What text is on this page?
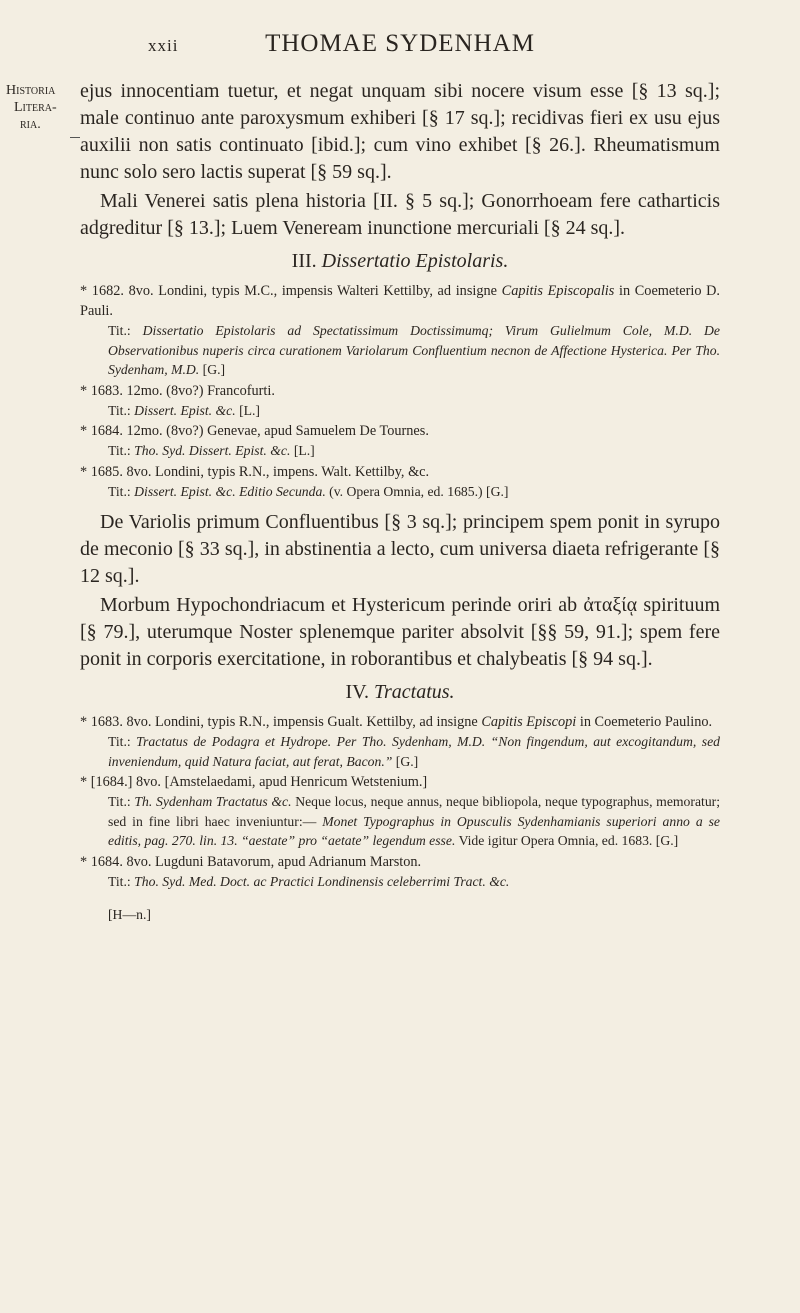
xxii	THOMAE SYDENHAM
Historia
Litera-
ria.

ejus innocentiam tuetur, et negat unquam sibi nocere visum esse [§ 13 sq.]; male continuo ante paroxysmum exhiberi [§ 17 sq.]; recidivas fieri ex usu ejus auxilii non satis continuato [ibid.]; cum vino exhibet [§ 26.]. Rheumatismum nunc solo sero lactis superat [§ 59 sq.].

Mali Venerei satis plena historia [II. § 5 sq.]; Gonorrhoeam fere catharticis adgreditur [§ 13.]; Luem Veneream inunctione mercuriali [§ 24 sq.].

III. Dissertatio Epistolaris.

* 1682. 8vo. Londini, typis M.C., impensis Walteri Kettilby, ad insigne Capitis Episcopalis in Coemeterio D. Pauli.

Tit.: Dissertatio Epistolaris ad Spectatissimum Doctissimumq; Virum Gulielmum Cole, M.D. De Observationibus nuperis circa curationem Variolarum Confluentium necnon de Affectione Hysterica. Per Tho. Sydenham, M.D. [G.]

* 1683. 12mo. (8vo?) Francofurti.

Tit.: Dissert. Epist. &c. [L.]

* 1684. 12mo. (8vo?) Genevae, apud Samuelem De Tournes.

Tit.: Tho. Syd. Dissert. Epist. &c. [L.]

* 1685. 8vo. Londini, typis R.N., impens. Walt. Kettilby, &c.

Tit.: Dissert. Epist. &c. Editio Secunda. (v. Opera Omnia, ed. 1685.) [G.]

De Variolis primum Confluentibus [§ 3 sq.]; principem spem ponit in syrupo de meconio [§ 33 sq.], in abstinentia a lecto, cum universa diaeta refrigerante [§ 12 sq.].

Morbum Hypochondriacum et Hystericum perinde oriri ab ἀταξίᾳ spirituum [§ 79.], uterumque Noster splenemque pariter absolvit [§§ 59, 91.]; spem fere ponit in corporis exercitatione, in roborantibus et chalybeatis [§ 94 sq.].

IV. Tractatus.

* 1683. 8vo. Londini, typis R.N., impensis Gualt. Kettilby, ad insigne Capitis Episcopi in Coemeterio Paulino.

Tit.: Tractatus de Podagra et Hydrope. Per Tho. Sydenham, M.D. “Non fingendum, aut excogitandum, sed inveniendum, quid Natura faciat, aut ferat, Bacon.” [G.]

* [1684.] 8vo. [Amstelaedami, apud Henricum Wetstenium.]

Tit.: Th. Sydenham Tractatus &c. Neque locus, neque annus, neque bibliopola, neque typographus, memoratur; sed in fine libri haec inveniuntur:— Monet Typographus in Opusculis Sydenhamianis superiori anno a se editis, pag. 270. lin. 13. “aestate” pro “aetate” legendum esse. Vide igitur Opera Omnia, ed. 1683. [G.]

* 1684. 8vo. Lugduni Batavorum, apud Adrianum Marston.

Tit.: Tho. Syd. Med. Doct. ac Practici Londinensis celeberrimi Tract. &c.

[H—n.]
